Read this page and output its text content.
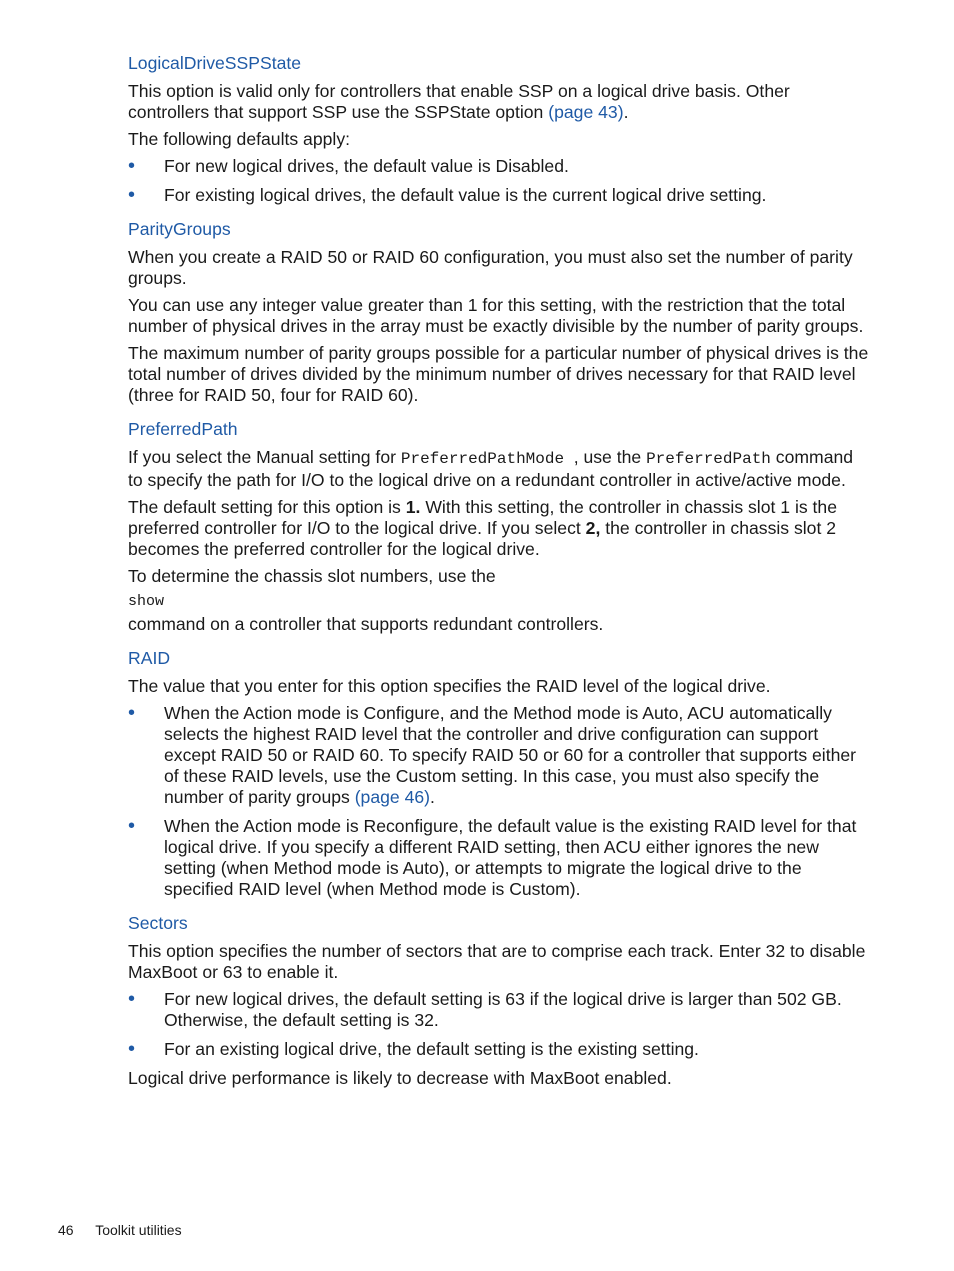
LogicalDriveSSPState

This option is valid only for controllers that enable SSP on a logical drive basis. Other controllers that support SSP use the SSPState option (page 43).

The following defaults apply:

• For new logical drives, the default value is Disabled.
• For existing logical drives, the default value is the current logical drive setting.
ParityGroups

When you create a RAID 50 or RAID 60 configuration, you must also set the number of parity groups.

You can use any integer value greater than 1 for this setting, with the restriction that the total number of physical drives in the array must be exactly divisible by the number of parity groups.

The maximum number of parity groups possible for a particular number of physical drives is the total number of drives divided by the minimum number of drives necessary for that RAID level (three for RAID 50, four for RAID 60).

PreferredPath

If you select the Manual setting for PreferredPathMode , use the PreferredPath command to specify the path for I/O to the logical drive on a redundant controller in active/active mode.

The default setting for this option is 1. With this setting, the controller in chassis slot 1 is the preferred controller for I/O to the logical drive. If you select 2, the controller in chassis slot 2 becomes the preferred controller for the logical drive.

To determine the chassis slot numbers, use the

show

command on a controller that supports redundant controllers.

RAID

The value that you enter for this option specifies the RAID level of the logical drive.

• When the Action mode is Configure, and the Method mode is Auto, ACU automatically selects the highest RAID level that the controller and drive configuration can support except RAID 50 or RAID 60. To specify RAID 50 or 60 for a controller that supports either of these RAID levels, use the Custom setting. In this case, you must also specify the number of parity groups (page 46).
• When the Action mode is Reconfigure, the default value is the existing RAID level for that logical drive. If you specify a different RAID setting, then ACU either ignores the new setting (when Method mode is Auto), or attempts to migrate the logical drive to the specified RAID level (when Method mode is Custom).
Sectors

This option specifies the number of sectors that are to comprise each track. Enter 32 to disable MaxBoot or 63 to enable it.

• For new logical drives, the default setting is 63 if the logical drive is larger than 502 GB. Otherwise, the default setting is 32.
• For an existing logical drive, the default setting is the existing setting.

Logical drive performance is likely to decrease with MaxBoot enabled.

46 Toolkit utilities
